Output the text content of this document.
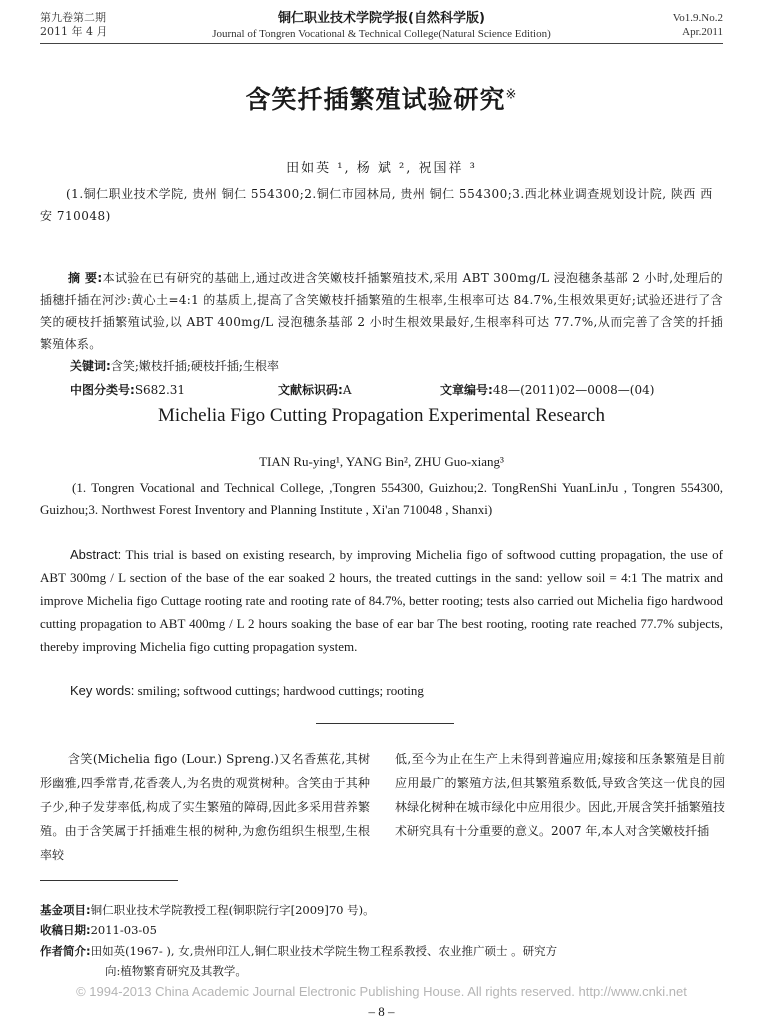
第九卷第二期
2011 年 4 月
铜仁职业技术学院学报(自然科学版)
Journal of Tongren Vocational & Technical College(Natural Science Edition)
Vo1.9.No.2
Apr.2011
含笑扦插繁殖试验研究※
田如英 ¹, 杨 斌 ², 祝国祥 ³
(1.铜仁职业技术学院, 贵州 铜仁 554300;2.铜仁市园林局, 贵州 铜仁 554300;3.西北林业调查规划设计院, 陕西 西安 710048)
摘 要:本试验在已有研究的基础上,通过改进含笑嫩枝扦插繁殖技术,采用 ABT 300mg/L 浸泡穗条基部 2 小时,处理后的插穗扦插在河沙:黄心土=4:1 的基质上,提高了含笑嫩枝扦插繁殖的生根率,生根率可达 84.7%,生根效果更好;试验还进行了含笑的硬枝扦插繁殖试验,以 ABT 400mg/L 浸泡穗条基部 2 小时生根效果最好,生根率科可达 77.7%,从而完善了含笑的扦插繁殖体系。
关键词:含笑;嫩枝扦插;硬枝扦插;生根率
中图分类号:S682.31	文献标识码:A	文章编号:48—(2011)02—0008—(04)
Michelia Figo Cutting Propagation Experimental Research
TIAN Ru-ying¹, YANG Bin², ZHU Guo-xiang³
(1. Tongren Vocational and Technical College, ,Tongren 554300, Guizhou;2. TongRenShi YuanLinJu , Tongren 554300, Guizhou;3. Northwest Forest Inventory and Planning Institute , Xi'an 710048 , Shanxi)
Abstract: This trial is based on existing research, by improving Michelia figo of softwood cutting propagation, the use of ABT 300mg / L section of the base of the ear soaked 2 hours, the treated cuttings in the sand: yellow soil = 4:1 The matrix and improve Michelia figo Cuttage rooting rate and rooting rate of 84.7%, better rooting; tests also carried out Michelia figo hardwood cutting propagation to ABT 400mg / L 2 hours soaking the base of ear bar The best rooting, rooting rate reached 77.7% subjects, thereby improving Michelia figo cutting propagation system.
Key words: smiling; softwood cuttings; hardwood cuttings; rooting
含笑(Michelia figo (Lour.) Spreng.)又名香蕉花,其树形幽雅,四季常青,花香袭人,为名贵的观赏树种。含笑由于其种子少,种子发芽率低,构成了实生繁殖的障碍,因此多采用营养繁殖。由于含笑属于扦插难生根的树种,为愈伤组织生根型,生根率较
低,至今为止在生产上未得到普遍应用;嫁接和压条繁殖是目前应用最广的繁殖方法,但其繁殖系数低,导致含笑这一优良的园林绿化树种在城市绿化中应用很少。因此,开展含笑扦插繁殖技术研究具有十分重要的意义。2007 年,本人对含笑嫩枝扦插
基金项目:铜仁职业技术学院教授工程(铜职院行字[2009]70 号)。
收稿日期:2011-03-05
作者简介:田如英(1967- ), 女,贵州印江人,铜仁职业技术学院生物工程系教授、农业推广硕士 。研究方
向:植物繁育研究及其教学。
© 1994-2013 China Academic Journal Electronic Publishing House. All rights reserved. http://www.cnki.net
– 8 –
